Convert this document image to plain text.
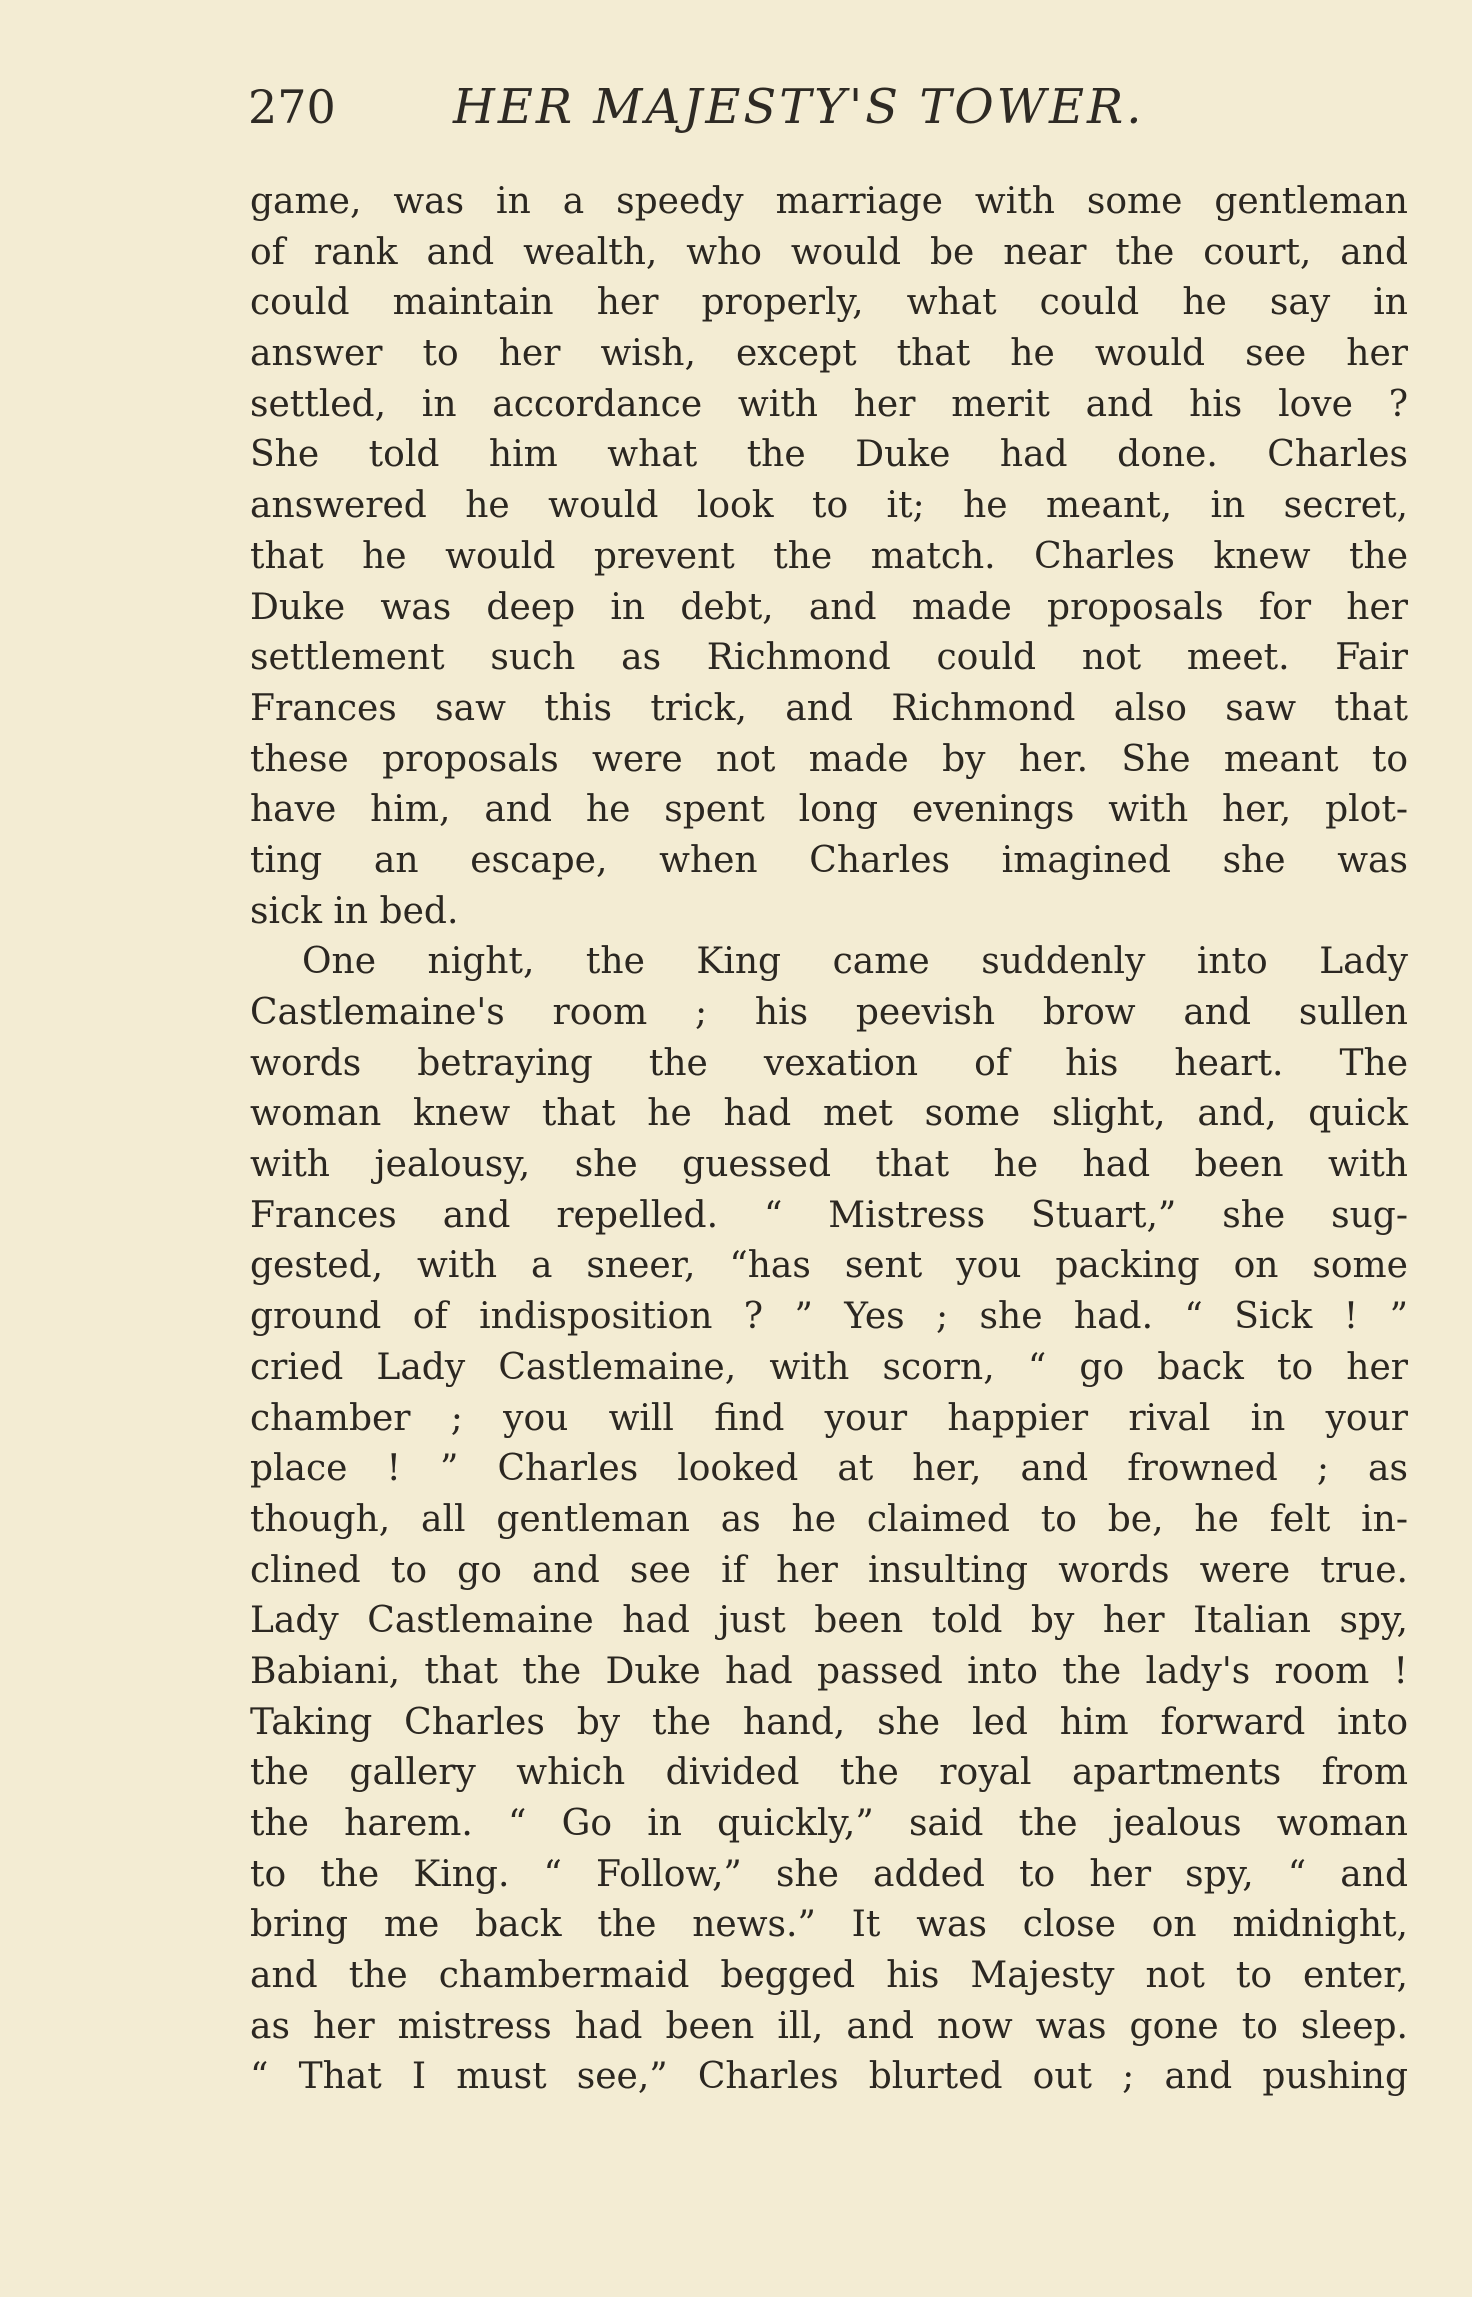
270 HER MAJESTY'S TOWER.
game, was in a speedy marriage with some gentleman
of rank and wealth, who would be near the court, and
could maintain her properly, what could he say in
answer to her wish, except that he would see her
settled, in accordance with her merit and his love ?
She told him what the Duke had done. Charles
answered he would look to it; he meant, in secret,
that he would prevent the match. Charles knew the
Duke was deep in debt, and made proposals for her
settlement such as Richmond could not meet. Fair
Frances saw this trick, and Richmond also saw that
these proposals were not made by her. She meant to
have him, and he spent long evenings with her, plot-
ting an escape, when Charles imagined she was
sick in bed.
One night, the King came suddenly into Lady
Castlemaine's room ; his peevish brow and sullen
words betraying the vexation of his heart. The
woman knew that he had met some slight, and, quick
with jealousy, she guessed that he had been with
Frances and repelled. “ Mistress Stuart,” she sug-
gested, with a sneer, “has sent you packing on some
ground of indisposition ? ” Yes ; she had. “ Sick ! ”
cried Lady Castlemaine, with scorn, “ go back to her
chamber ; you will find your happier rival in your
place ! ” Charles looked at her, and frowned ; as
though, all gentleman as he claimed to be, he felt in-
clined to go and see if her insulting words were true.
Lady Castlemaine had just been told by her Italian spy,
Babiani, that the Duke had passed into the lady's room !
Taking Charles by the hand, she led him forward into
the gallery which divided the royal apartments from
the harem. “ Go in quickly,” said the jealous woman
to the King. “ Follow,” she added to her spy, “ and
bring me back the news.” It was close on midnight,
and the chambermaid begged his Majesty not to enter,
as her mistress had been ill, and now was gone to sleep.
“ That I must see,” Charles blurted out ; and pushing
